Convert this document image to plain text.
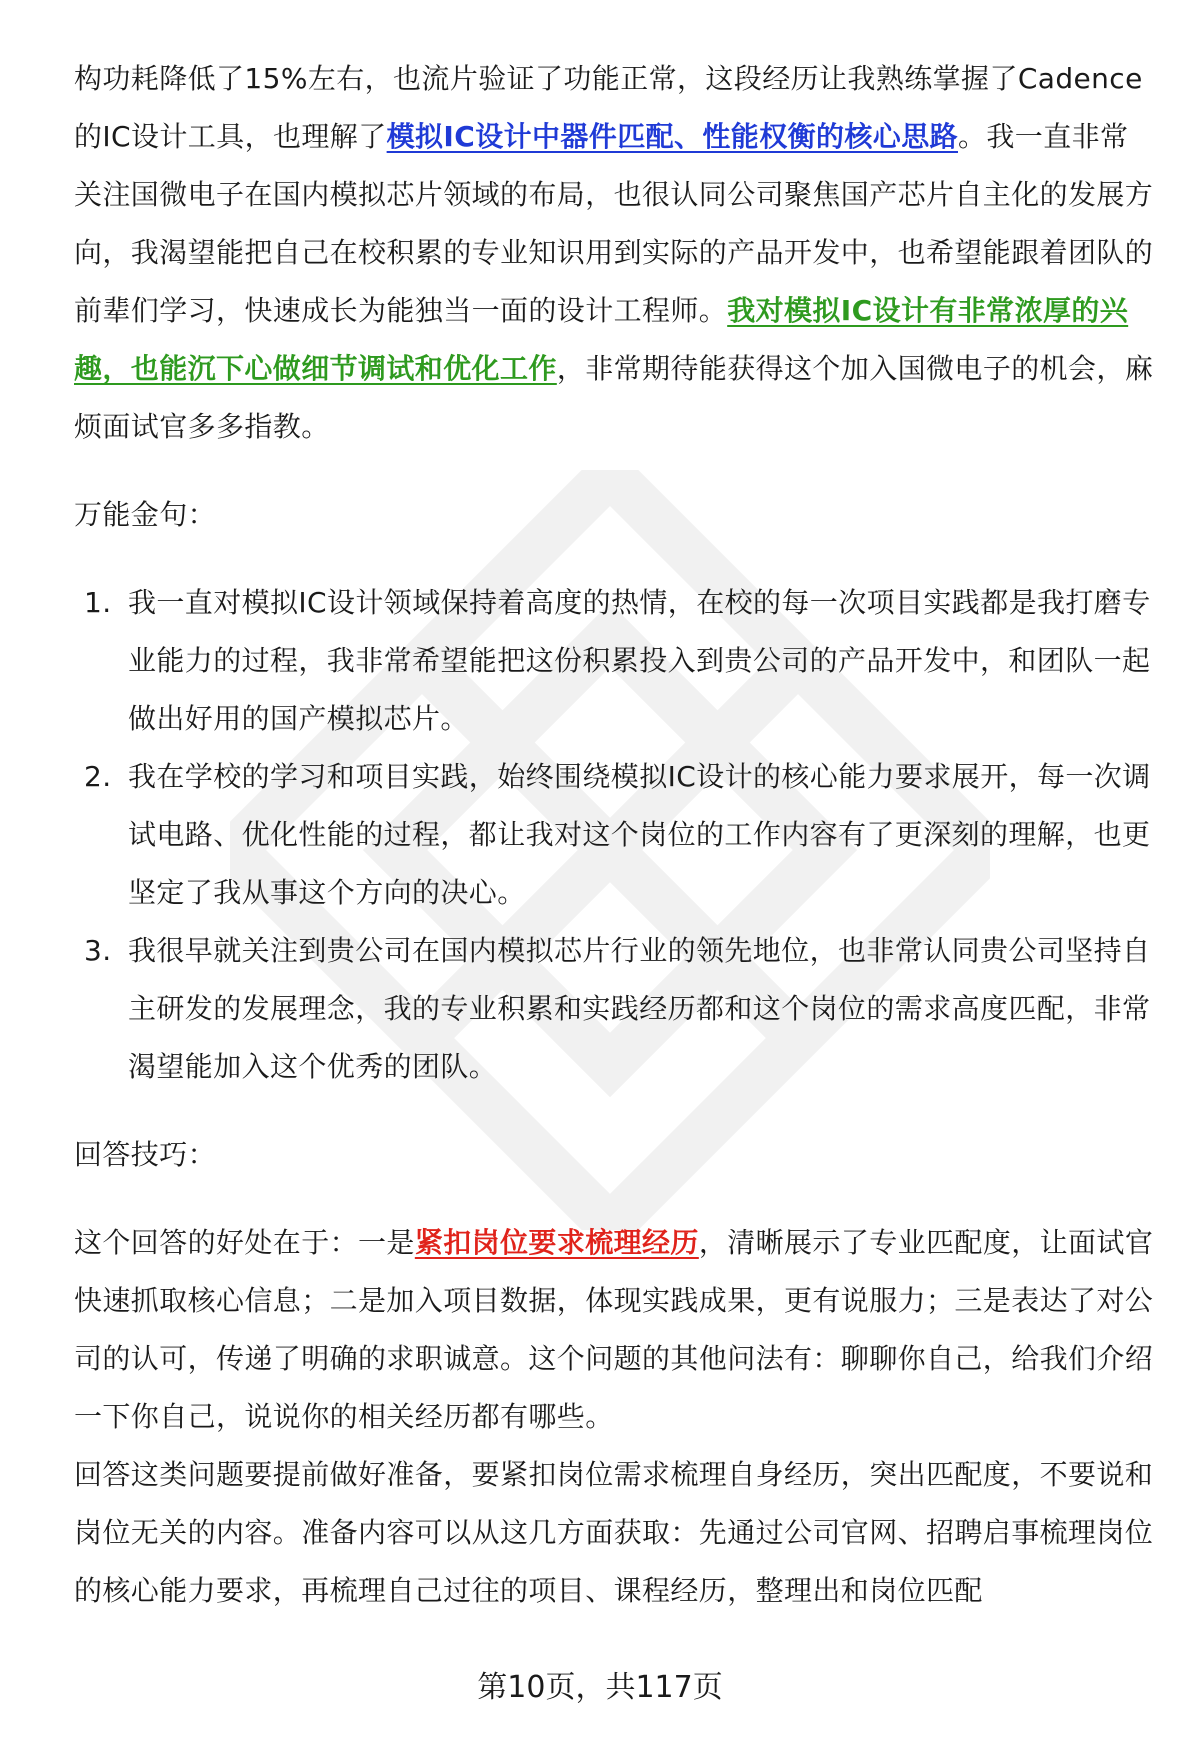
构功耗降低了15%左右，也流片验证了功能正常，这段经历让我熟练掌握了Cadence的IC设计工具，也理解了模拟IC设计中器件匹配、性能权衡的核心思路。我一直非常关注国微电子在国内模拟芯片领域的布局，也很认同公司聚焦国产芯片自主化的发展方向，我渴望能把自己在校积累的专业知识用到实际的产品开发中，也希望能跟着团队的前辈们学习，快速成长为能独当一面的设计工程师。我对模拟IC设计有非常浓厚的兴趣，也能沉下心做细节调试和优化工作，非常期待能获得这个加入国微电子的机会，麻烦面试官多多指教。

万能金句：

1. 我一直对模拟IC设计领域保持着高度的热情，在校的每一次项目实践都是我打磨专业能力的过程，我非常希望能把这份积累投入到贵公司的产品开发中，和团队一起做出好用的国产模拟芯片。
2. 我在学校的学习和项目实践，始终围绕模拟IC设计的核心能力要求展开，每一次调试电路、优化性能的过程，都让我对这个岗位的工作内容有了更深刻的理解，也更坚定了我从事这个方向的决心。
3. 我很早就关注到贵公司在国内模拟芯片行业的领先地位，也非常认同贵公司坚持自主研发的发展理念，我的专业积累和实践经历都和这个岗位的需求高度匹配，非常渴望能加入这个优秀的团队。

回答技巧：

这个回答的好处在于：一是紧扣岗位要求梳理经历，清晰展示了专业匹配度，让面试官快速抓取核心信息；二是加入项目数据，体现实践成果，更有说服力；三是表达了对公司的认可，传递了明确的求职诚意。这个问题的其他问法有：聊聊你自己，给我们介绍一下你自己，说说你的相关经历都有哪些。

回答这类问题要提前做好准备，要紧扣岗位需求梳理自身经历，突出匹配度，不要说和岗位无关的内容。准备内容可以从这几方面获取：先通过公司官网、招聘启事梳理岗位的核心能力要求，再梳理自己过往的项目、课程经历，整理出和岗位匹配

第10页，共117页
